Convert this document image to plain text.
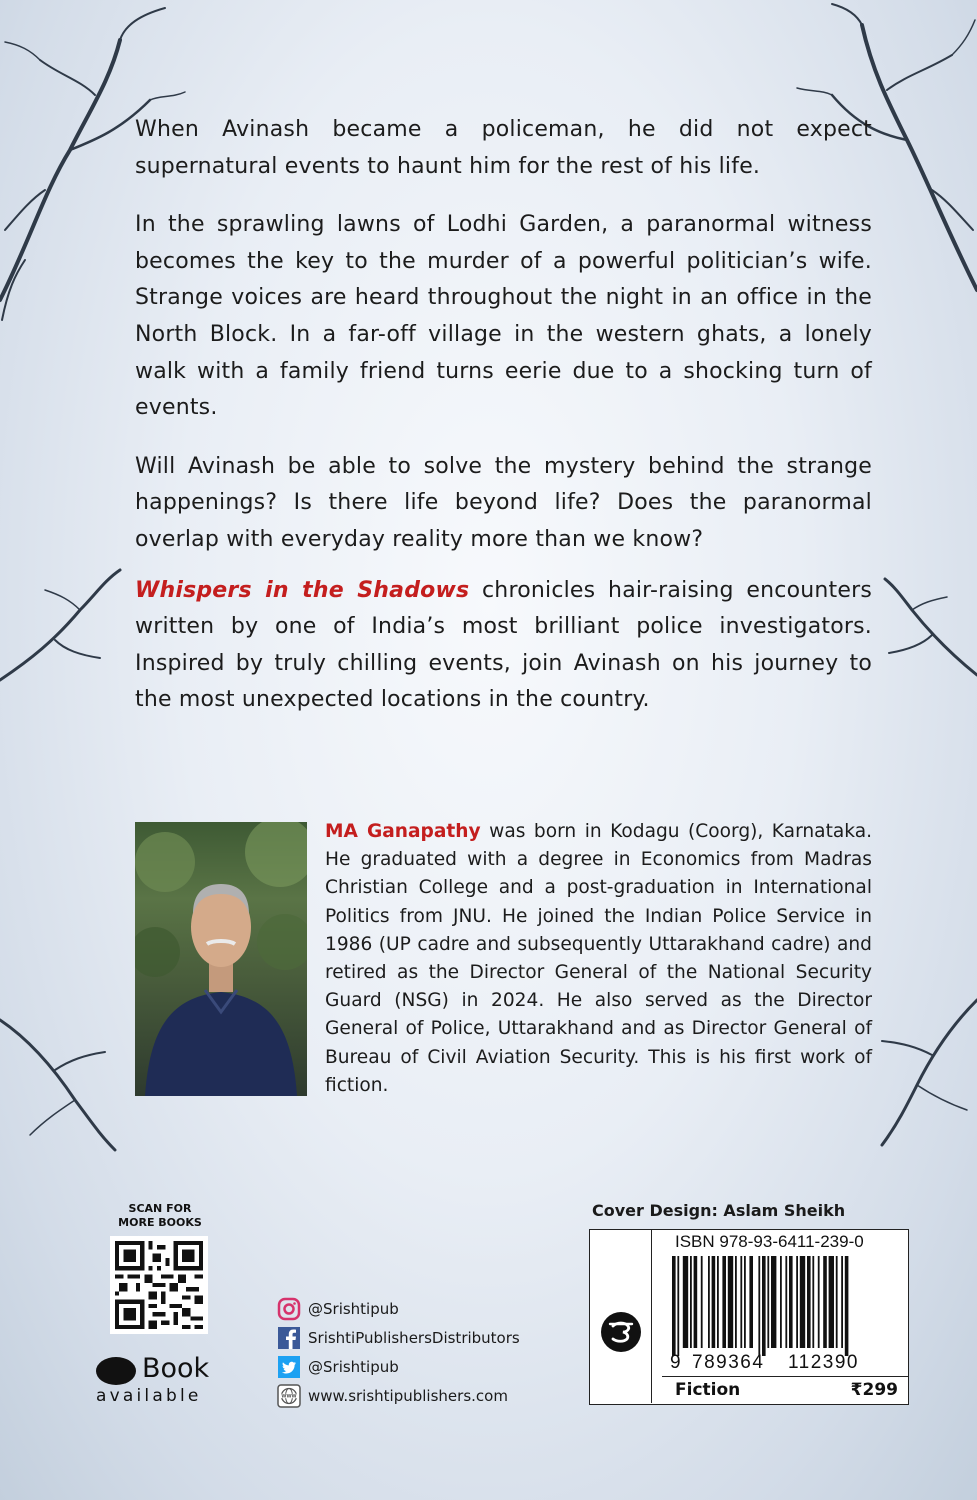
When Avinash became a policeman, he did not expect supernatural events to haunt him for the rest of his life.

In the sprawling lawns of Lodhi Garden, a paranormal witness becomes the key to the murder of a powerful politician’s wife. Strange voices are heard throughout the night in an office in the North Block. In a far-off village in the western ghats, a lonely walk with a family friend turns eerie due to a shocking turn of events.

Will Avinash be able to solve the mystery behind the strange happenings? Is there life beyond life? Does the paranormal overlap with everyday reality more than we know?

Whispers in the Shadows chronicles hair-raising encounters written by one of India’s most brilliant police investigators. Inspired by truly chilling events, join Avinash on his journey to the most unexpected locations in the country.

MA Ganapathy was born in Kodagu (Coorg), Karnataka. He graduated with a degree in Economics from Madras Christian College and a post-graduation in International Politics from JNU. He joined the Indian Police Service in 1986 (UP cadre and subsequently Uttarakhand cadre) and retired as the Director General of the National Security Guard (NSG) in 2024. He also served as the Director General of Police, Uttarakhand and as Director General of Bureau of Civil Aviation Security. This is his first work of fiction.
SCAN FOR
MORE BOOKS
Book
available
@Srishtipub
SrishtiPublishersDistributors
@Srishtipub
WWW www.srishtipublishers.com
Cover Design: Aslam Sheikh
ISBN 978-93-6411-239-0
9 789364 112390
Fiction	₹299
